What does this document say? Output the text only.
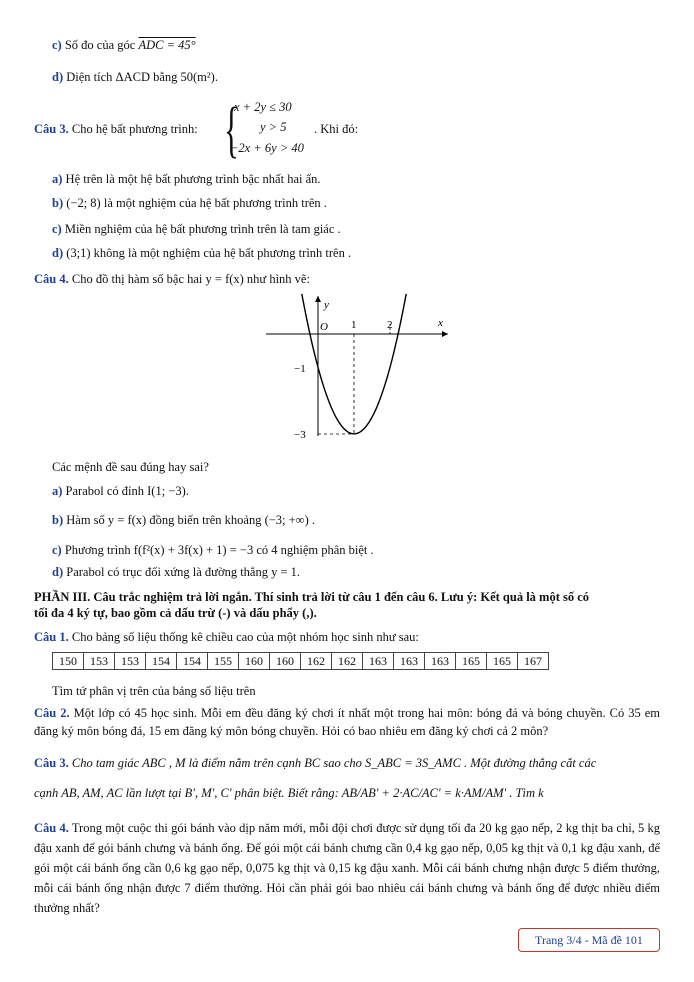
c) Số đo của góc ADC = 45°
d) Diện tích ΔACD bằng 50(m²).
Câu 3. Cho hệ bất phương trình: {
x + 2y ≤ 30
y > 5
−2x + 6y > 40
. Khi đó:
a) Hệ trên là một hệ bất phương trình bậc nhất hai ẩn.
b) (−2; 8) là một nghiệm của hệ bất phương trình trên .
c) Miền nghiệm của hệ bất phương trình trên là tam giác .
d) (3;1) không là một nghiệm của hệ bất phương trình trên .
Câu 4. Cho đồ thị hàm số bậc hai y = f(x) như hình vẽ:
y
x
O 1	2
−1
−3
Các mệnh đề sau đúng hay sai?
a) Parabol có đỉnh I(1; −3).
b) Hàm số y = f(x) đồng biến trên khoảng (−3; +∞) .
c) Phương trình f(f²(x) + 3f(x) + 1) = −3 có 4 nghiệm phân biệt .
d) Parabol có trục đối xứng là đường thẳng y = 1.
PHẦN III. Câu trắc nghiệm trả lời ngắn. Thí sinh trả lời từ câu 1 đến câu 6. Lưu ý: Kết quả là một số có
tối đa 4 ký tự, bao gồm cả dấu trừ (-) và dấu phẩy (,).
Câu 1. Cho bảng số liệu thống kê chiều cao của một nhóm học sinh như sau:
150	153	153	154	154	155	160	160	162	162	163	163	163	165	165	167
Tìm tứ phân vị trên của bảng số liệu trên
Câu 2. Một lớp có 45 học sinh. Mỗi em đều đăng ký chơi ít nhất một trong hai môn: bóng đá và bóng chuyền. Có 35 em đăng ký môn bóng đá, 15 em đăng ký môn bóng chuyền. Hỏi có bao nhiêu em đăng ký chơi cả 2 môn?
Câu 3. Cho tam giác ABC , M là điểm nằm trên cạnh BC sao cho S_ABC = 3S_AMC . Một đường thẳng cắt các
cạnh AB, AM, AC lần lượt tại B', M', C' phân biệt. Biết rằng: AB/AB' + 2·AC/AC' = k·AM/AM' . Tìm k
Câu 4. Trong một cuộc thi gói bánh vào dịp năm mới, mỗi đội chơi được sử dụng tối đa 20 kg gạo nếp, 2 kg thịt ba chỉ, 5 kg đậu xanh để gói bánh chưng và bánh ống. Để gói một cái bánh chưng cần 0,4 kg gạo nếp, 0,05 kg thịt và 0,1 kg đậu xanh, để gói một cái bánh ống cần 0,6 kg gạo nếp, 0,075 kg thịt và 0,15 kg đậu xanh. Mỗi cái bánh chưng nhận được 5 điểm thưởng, mỗi cái bánh ống nhận được 7 điểm thưởng. Hỏi cần phải gói bao nhiêu cái bánh chưng và bánh ống để được nhiều điểm thưởng nhất?
Trang 3/4 - Mã đề 101
